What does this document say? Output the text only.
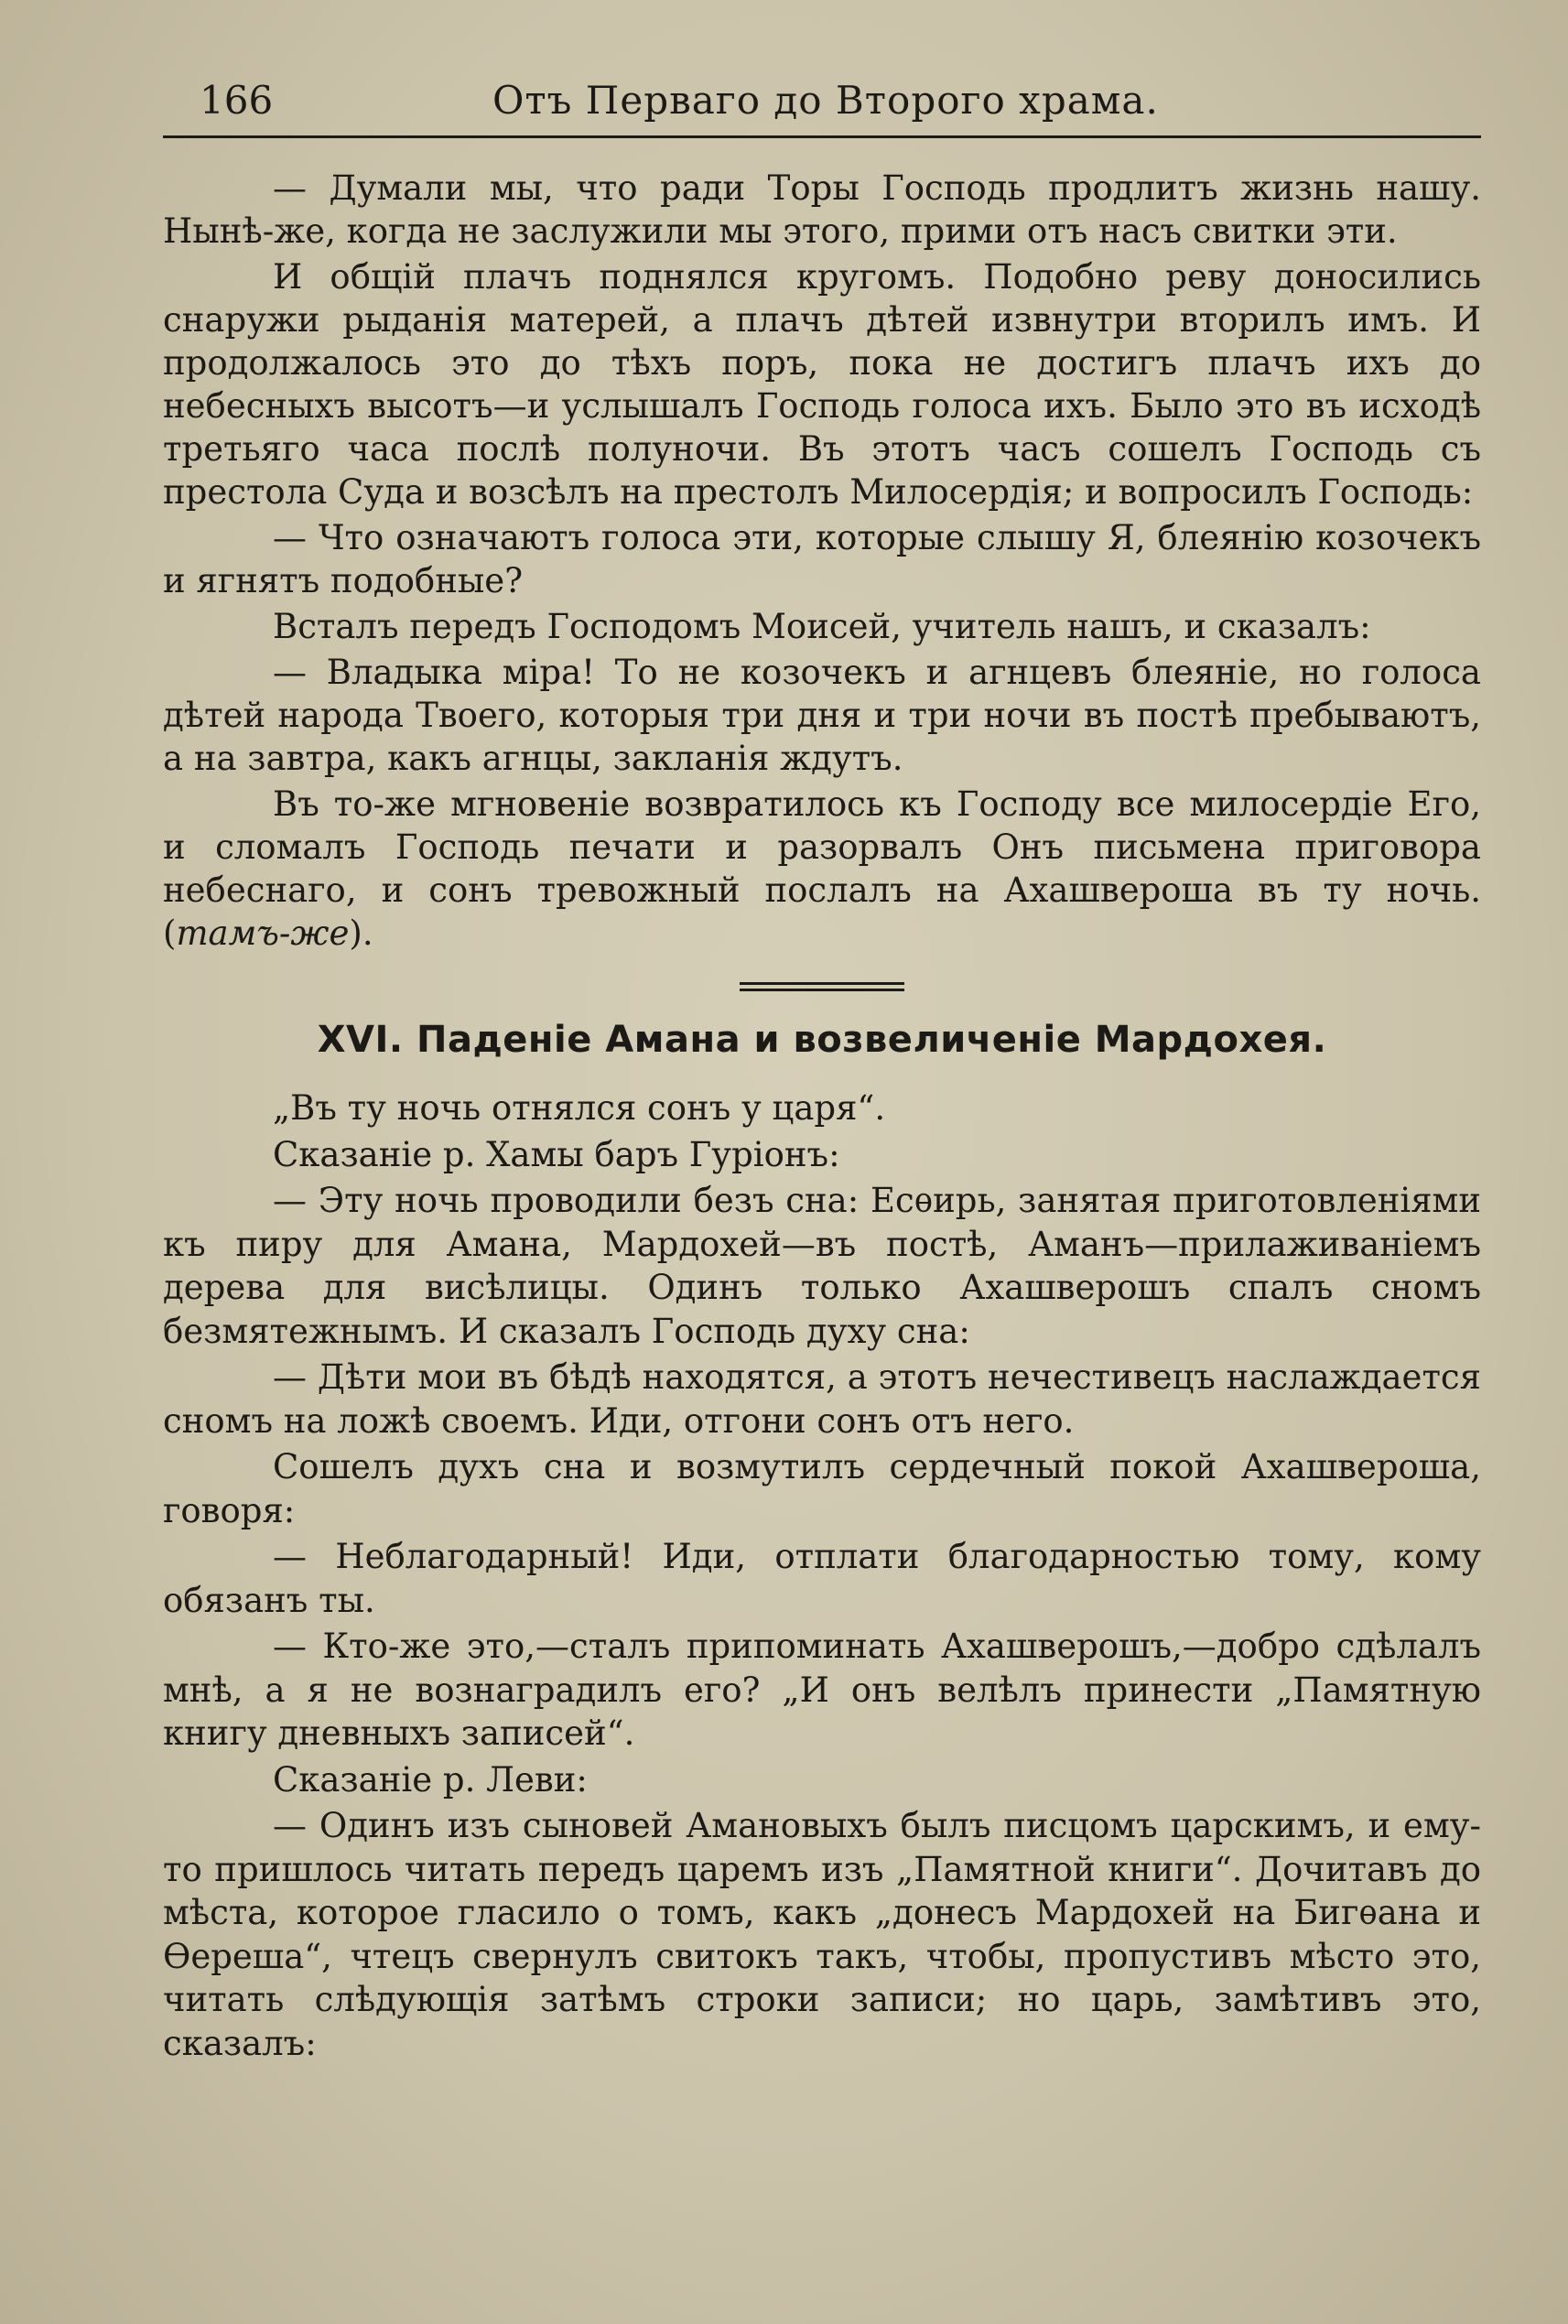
166	Отъ Перваго до Второго храма.

— Думали мы, что ради Торы Господь продлитъ жизнь нашу. Нынѣ-же, когда не заслужили мы этого, прими отъ насъ свитки эти.

И общій плачъ поднялся кругомъ. Подобно реву доносились снаружи рыданія матерей, а плачъ дѣтей извнутри вторилъ имъ. И продолжалось это до тѣхъ поръ, пока не достигъ плачъ ихъ до небесныхъ высотъ—и услышалъ Господь голоса ихъ. Было это въ исходѣ третьяго часа послѣ полуночи. Въ этотъ часъ сошелъ Господь съ престола Суда и возсѣлъ на престолъ Милосердія; и вопросилъ Господь:

— Что означаютъ голоса эти, которые слышу Я, блеянію козочекъ и ягнятъ подобные?

Всталъ передъ Господомъ Моисей, учитель нашъ, и сказалъ:

— Владыка міра! То не козочекъ и агнцевъ блеяніе, но голоса дѣтей народа Твоего, которыя три дня и три ночи въ постѣ пребываютъ, а на завтра, какъ агнцы, закланія ждутъ.

Въ то-же мгновеніе возвратилось къ Господу все милосердіе Его, и сломалъ Господь печати и разорвалъ Онъ письмена приговора небеснаго, и сонъ тревожный послалъ на Ахашвероша въ ту ночь. (тамъ-же).

XVI. Паденіе Амана и возвеличеніе Мардохея.

„Въ ту ночь отнялся сонъ у царя“.

Сказаніе р. Хамы баръ Гуріонъ:

— Эту ночь проводили безъ сна: Есѳирь, занятая приготовленіями къ пиру для Амана, Мардохей—въ постѣ, Аманъ—прилаживаніемъ дерева для висѣлицы. Одинъ только Ахашверошъ спалъ сномъ безмятежнымъ. И сказалъ Господь духу сна:

— Дѣти мои въ бѣдѣ находятся, а этотъ нечестивецъ наслаждается сномъ на ложѣ своемъ. Иди, отгони сонъ отъ него.

Сошелъ духъ сна и возмутилъ сердечный покой Ахашвероша, говоря:

— Неблагодарный! Иди, отплати благодарностью тому, кому обязанъ ты.

— Кто-же это,—сталъ припоминать Ахашверошъ,—добро сдѣлалъ мнѣ, а я не вознаградилъ его? „И онъ велѣлъ принести „Памятную книгу дневныхъ записей“.

Сказаніе р. Леви:

— Одинъ изъ сыновей Амановыхъ былъ писцомъ царскимъ, и ему-то пришлось читать передъ царемъ изъ „Памятной книги“. Дочитавъ до мѣста, которое гласило о томъ, какъ „донесъ Мардохей на Бигѳана и Ѳереша“, чтецъ свернулъ свитокъ такъ, чтобы, пропустивъ мѣсто это, читать слѣдующія затѣмъ строки записи; но царь, замѣтивъ это, сказалъ:
